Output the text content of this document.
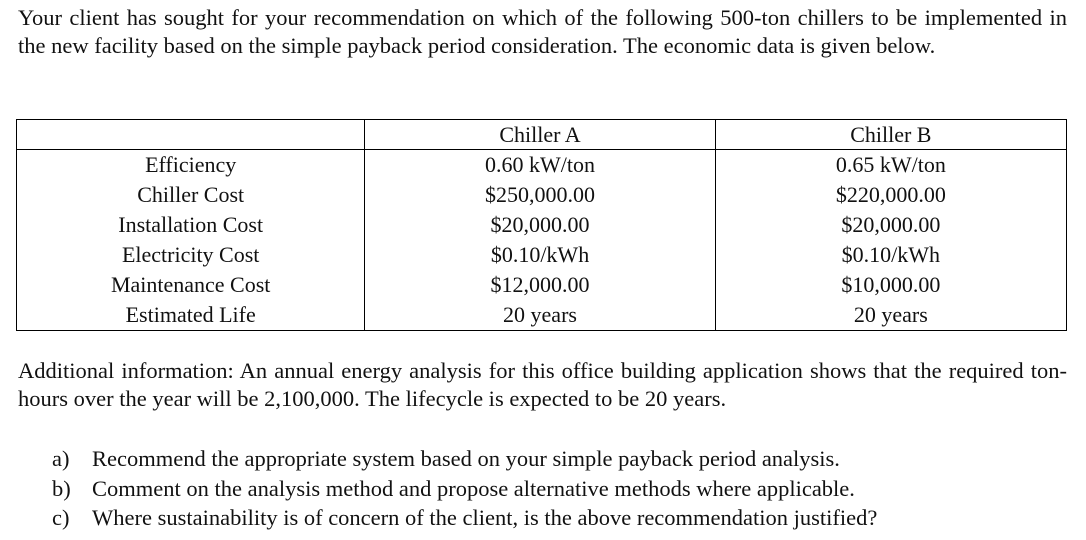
Your client has sought for your recommendation on which of the following 500-ton chillers to be implemented in the new facility based on the simple payback period consideration. The economic data is given below.

	Chiller A	Chiller B
Efficiency	0.60 kW/ton	0.65 kW/ton
Chiller Cost	$250,000.00	$220,000.00
Installation Cost	$20,000.00	$20,000.00
Electricity Cost	$0.10/kWh	$0.10/kWh
Maintenance Cost	$12,000.00	$10,000.00
Estimated Life	20 years	20 years

Additional information: An annual energy analysis for this office building application shows that the required ton-hours over the year will be 2,100,000. The lifecycle is expected to be 20 years.

a) Recommend the appropriate system based on your simple payback period analysis.
b) Comment on the analysis method and propose alternative methods where applicable.
c) Where sustainability is of concern of the client, is the above recommendation justified?
